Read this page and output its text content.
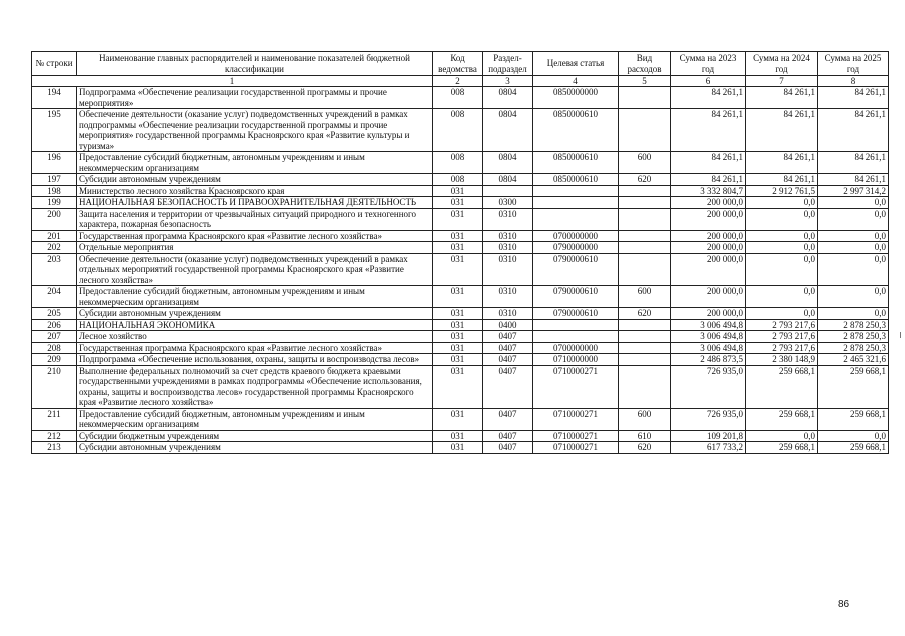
№ строки	Наименование главных распорядителей и наименование показателей бюджетной классификации	Код ведомства	Раздел-подраздел	Целевая статья	Вид расходов	Сумма на 2023 год	Сумма на 2024 год	Сумма на 2025 год
1		2	3	4	5	6	7	8
194	Подпрограмма «Обеспечение реализации государственной программы и прочие мероприятия»	008	0804	0850000000		84 261,1	84 261,1	84 261,1
195	Обеспечение деятельности (оказание услуг) подведомственных учреждений в рамках подпрограммы «Обеспечение реализации государственной программы и прочие мероприятия» государственной программы Красноярского края «Развитие культуры и туризма»	008	0804	0850000610		84 261,1	84 261,1	84 261,1
196	Предоставление субсидий бюджетным, автономным учреждениям и иным некоммерческим организациям	008	0804	0850000610	600	84 261,1	84 261,1	84 261,1
197	Субсидии автономным учреждениям	008	0804	0850000610	620	84 261,1	84 261,1	84 261,1
198	Министерство лесного хозяйства Красноярского края	031				3 332 804,7	2 912 761,5	2 997 314,2
199	НАЦИОНАЛЬНАЯ БЕЗОПАСНОСТЬ И ПРАВООХРАНИТЕЛЬНАЯ ДЕЯТЕЛЬНОСТЬ	031	0300			200 000,0	0,0	0,0
200	Защита населения и территории от чрезвычайных ситуаций природного и техногенного характера, пожарная безопасность	031	0310			200 000,0	0,0	0,0
201	Государственная программа Красноярского края «Развитие лесного хозяйства»	031	0310	0700000000		200 000,0	0,0	0,0
202	Отдельные мероприятия	031	0310	0790000000		200 000,0	0,0	0,0
203	Обеспечение деятельности (оказание услуг) подведомственных учреждений в рамках отдельных мероприятий государственной программы Красноярского края «Развитие лесного хозяйства»	031	0310	0790000610		200 000,0	0,0	0,0
204	Предоставление субсидий бюджетным, автономным учреждениям и иным некоммерческим организациям	031	0310	0790000610	600	200 000,0	0,0	0,0
205	Субсидии автономным учреждениям	031	0310	0790000610	620	200 000,0	0,0	0,0
206	НАЦИОНАЛЬНАЯ ЭКОНОМИКА	031	0400			3 006 494,8	2 793 217,6	2 878 250,3
207	Лесное хозяйство	031	0407			3 006 494,8	2 793 217,6	2 878 250,3
208	Государственная программа Красноярского края «Развитие лесного хозяйства»	031	0407	0700000000		3 006 494,8	2 793 217,6	2 878 250,3
209	Подпрограмма «Обеспечение использования, охраны, защиты и воспроизводства лесов»	031	0407	0710000000		2 486 873,5	2 380 148,9	2 465 321,6
210	Выполнение федеральных полномочий за счет средств краевого бюджета краевыми государственными учреждениями в рамках подпрограммы «Обеспечение использования, охраны, защиты и воспроизводства лесов» государственной программы Красноярского края «Развитие лесного хозяйства»	031	0407	0710000271		726 935,0	259 668,1	259 668,1
211	Предоставление субсидий бюджетным, автономным учреждениям и иным некоммерческим организациям	031	0407	0710000271	600	726 935,0	259 668,1	259 668,1
212	Субсидии бюджетным учреждениям	031	0407	0710000271	610	109 201,8	0,0	0,0
213	Субсидии автономным учреждениям	031	0407	0710000271	620	617 733,2	259 668,1	259 668,1
86
